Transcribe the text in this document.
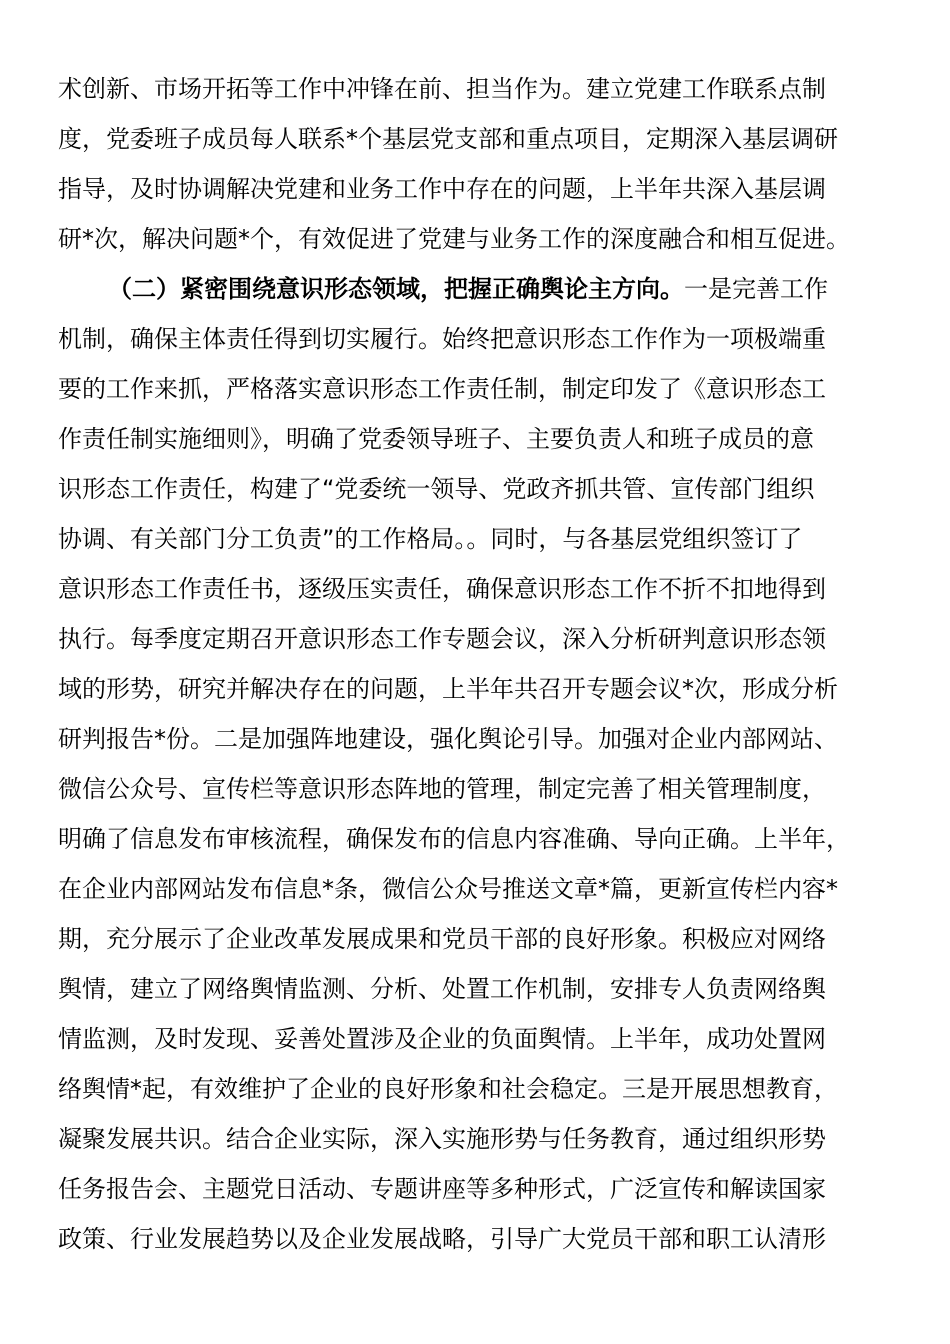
术创新、市场开拓等工作中冲锋在前、担当作为。建立党建工作联系点制
度，党委班子成员每人联系*个基层党支部和重点项目，定期深入基层调研
指导，及时协调解决党建和业务工作中存在的问题，上半年共深入基层调
研*次，解决问题*个，有效促进了党建与业务工作的深度融合和相互促进。
（二）紧密围绕意识形态领域，把握正确舆论主方向。一是完善工作
机制，确保主体责任得到切实履行。始终把意识形态工作作为一项极端重
要的工作来抓，严格落实意识形态工作责任制，制定印发了《意识形态工
作责任制实施细则》，明确了党委领导班子、主要负责人和班子成员的意
识形态工作责任，构建了“党委统一领导、党政齐抓共管、宣传部门组织
协调、有关部门分工负责”的工作格局。。同时，与各基层党组织签订了
意识形态工作责任书，逐级压实责任，确保意识形态工作不折不扣地得到
执行。每季度定期召开意识形态工作专题会议，深入分析研判意识形态领
域的形势，研究并解决存在的问题，上半年共召开专题会议*次，形成分析
研判报告*份。二是加强阵地建设，强化舆论引导。加强对企业内部网站、
微信公众号、宣传栏等意识形态阵地的管理，制定完善了相关管理制度，
明确了信息发布审核流程，确保发布的信息内容准确、导向正确。上半年，
在企业内部网站发布信息*条，微信公众号推送文章*篇，更新宣传栏内容*
期，充分展示了企业改革发展成果和党员干部的良好形象。积极应对网络
舆情，建立了网络舆情监测、分析、处置工作机制，安排专人负责网络舆
情监测，及时发现、妥善处置涉及企业的负面舆情。上半年，成功处置网
络舆情*起，有效维护了企业的良好形象和社会稳定。三是开展思想教育，
凝聚发展共识。结合企业实际，深入实施形势与任务教育，通过组织形势
任务报告会、主题党日活动、专题讲座等多种形式，广泛宣传和解读国家
政策、行业发展趋势以及企业发展战略，引导广大党员干部和职工认清形
